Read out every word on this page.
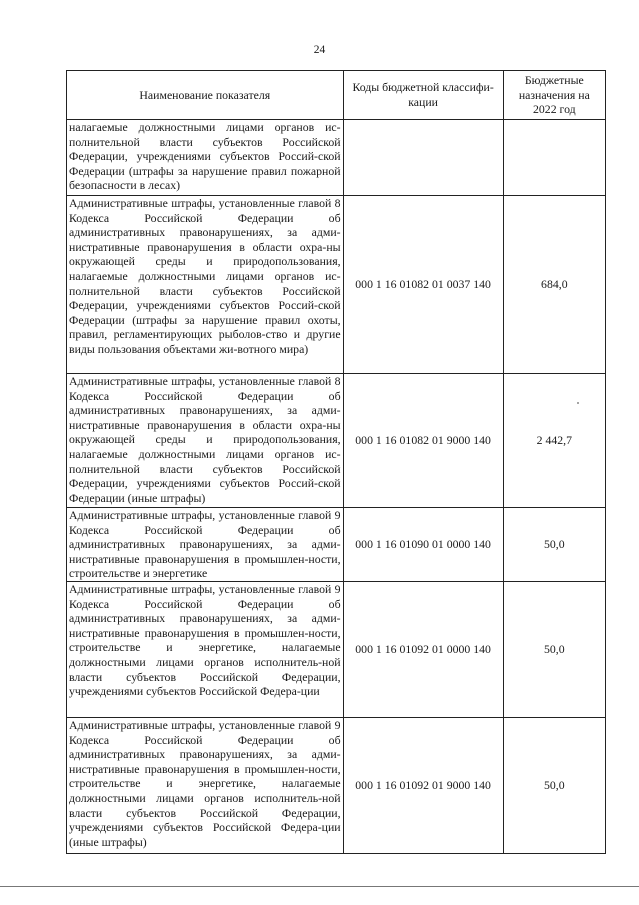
24
Наименование показателя	Коды бюджетной классифи-кации	Бюджетные назначения на 2022 год
налагаемые должностными лицами органов ис-полнительной власти субъектов Российской Федерации, учреждениями субъектов Россий-ской Федерации (штрафы за нарушение правил пожарной безопасности в лесах)		
Административные штрафы, установленные главой 8 Кодекса Российской Федерации об административных правонарушениях, за адми-нистративные правонарушения в области охра-ны окружающей среды и природопользования, налагаемые должностными лицами органов ис-полнительной власти субъектов Российской Федерации, учреждениями субъектов Россий-ской Федерации (штрафы за нарушение правил охоты, правил, регламентирующих рыболов-ство и другие виды пользования объектами жи-вотного мира)	000 1 16 01082 01 0037 140	684,0
Административные штрафы, установленные главой 8 Кодекса Российской Федерации об административных правонарушениях, за адми-нистративные правонарушения в области охра-ны окружающей среды и природопользования, налагаемые должностными лицами органов ис-полнительной власти субъектов Российской Федерации, учреждениями субъектов Россий-ской Федерации (иные штрафы)	000 1 16 01082 01 9000 140	2 442,7
Административные штрафы, установленные главой 9 Кодекса Российской Федерации об административных правонарушениях, за адми-нистративные правонарушения в промышлен-ности, строительстве и энергетике	000 1 16 01090 01 0000 140	50,0
Административные штрафы, установленные главой 9 Кодекса Российской Федерации об административных правонарушениях, за адми-нистративные правонарушения в промышлен-ности, строительстве и энергетике, налагаемые должностными лицами органов исполнитель-ной власти субъектов Российской Федерации, учреждениями субъектов Российской Федера-ции	000 1 16 01092 01 0000 140	50,0
Административные штрафы, установленные главой 9 Кодекса Российской Федерации об административных правонарушениях, за адми-нистративные правонарушения в промышлен-ности, строительстве и энергетике, налагаемые должностными лицами органов исполнитель-ной власти субъектов Российской Федерации, учреждениями субъектов Российской Федера-ции (иные штрафы)	000 1 16 01092 01 9000 140	50,0
